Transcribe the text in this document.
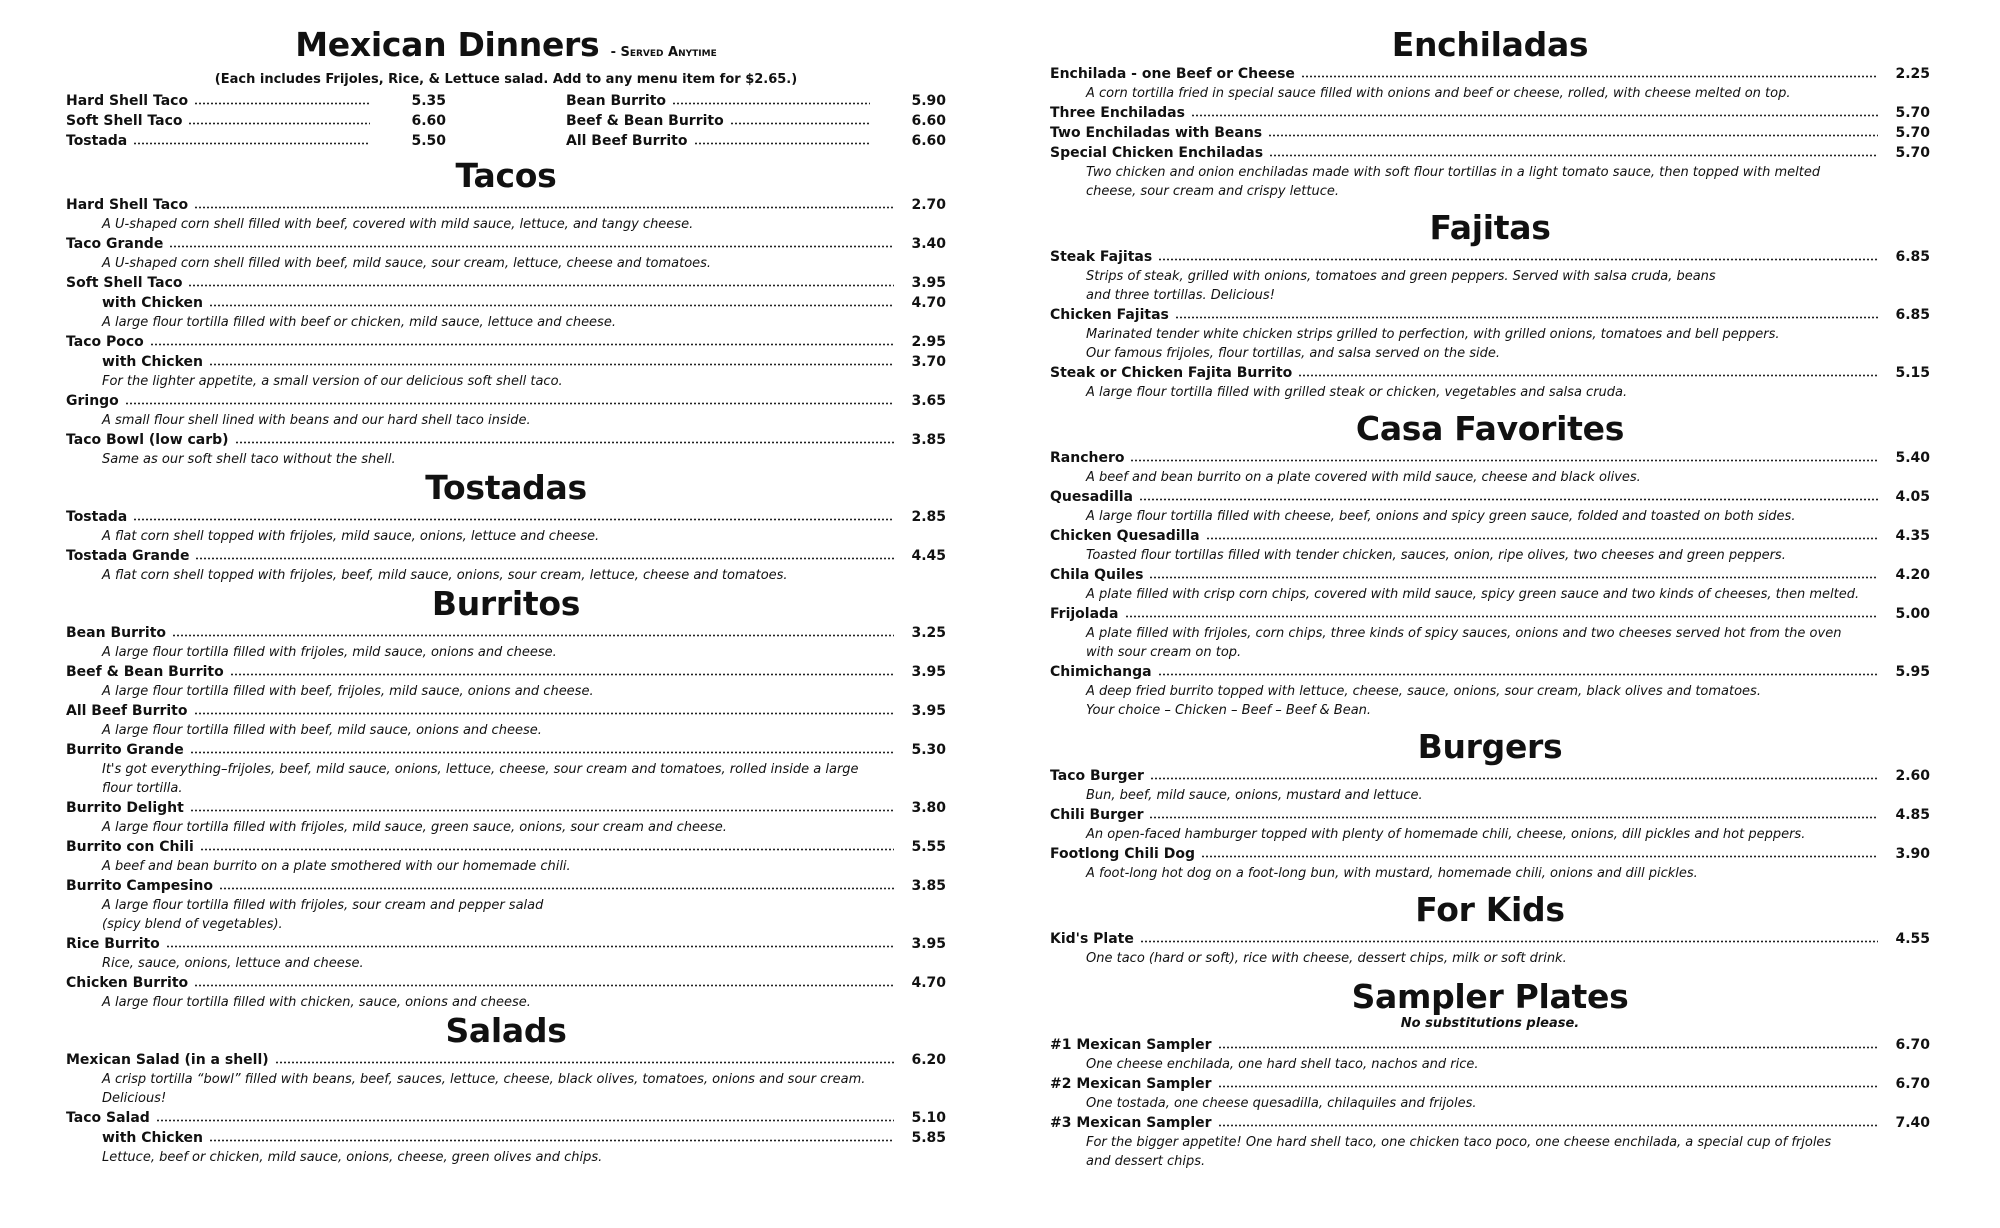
Mexican Dinners - Served Anytime
(Each includes Frijoles, Rice, & Lettuce salad. Add to any menu item for $2.65.)
Hard Shell Taco	5.35
Soft Shell Taco	6.60
Tostada	5.50
Bean Burrito	5.90
Beef & Bean Burrito	6.60
All Beef Burrito	6.60
Tacos
Hard Shell Taco	2.70
A U-shaped corn shell filled with beef, covered with mild sauce, lettuce, and tangy cheese.
Taco Grande	3.40
A U-shaped corn shell filled with beef, mild sauce, sour cream, lettuce, cheese and tomatoes.
Soft Shell Taco	3.95
with Chicken	4.70
A large flour tortilla filled with beef or chicken, mild sauce, lettuce and cheese.
Taco Poco	2.95
with Chicken	3.70
For the lighter appetite, a small version of our delicious soft shell taco.
Gringo	3.65
A small flour shell lined with beans and our hard shell taco inside.
Taco Bowl (low carb)	3.85
Same as our soft shell taco without the shell.
Tostadas
Tostada	2.85
A flat corn shell topped with frijoles, mild sauce, onions, lettuce and cheese.
Tostada Grande	4.45
A flat corn shell topped with frijoles, beef, mild sauce, onions, sour cream, lettuce, cheese and tomatoes.
Burritos
Bean Burrito	3.25
A large flour tortilla filled with frijoles, mild sauce, onions and cheese.
Beef & Bean Burrito	3.95
A large flour tortilla filled with beef, frijoles, mild sauce, onions and cheese.
All Beef Burrito	3.95
A large flour tortilla filled with beef, mild sauce, onions and cheese.
Burrito Grande	5.30
It's got everything–frijoles, beef, mild sauce, onions, lettuce, cheese, sour cream and tomatoes, rolled inside a large flour tortilla.
Burrito Delight	3.80
A large flour tortilla filled with frijoles, mild sauce, green sauce, onions, sour cream and cheese.
Burrito con Chili	5.55
A beef and bean burrito on a plate smothered with our homemade chili.
Burrito Campesino	3.85
A large flour tortilla filled with frijoles, sour cream and pepper salad
(spicy blend of vegetables).
Rice Burrito	3.95
Rice, sauce, onions, lettuce and cheese.
Chicken Burrito	4.70
A large flour tortilla filled with chicken, sauce, onions and cheese.
Salads
Mexican Salad (in a shell)	6.20
A crisp tortilla “bowl” filled with beans, beef, sauces, lettuce, cheese, black olives, tomatoes, onions and sour cream. Delicious!
Taco Salad	5.10
with Chicken	5.85
Lettuce, beef or chicken, mild sauce, onions, cheese, green olives and chips.
Enchiladas
Enchilada - one Beef or Cheese	2.25
A corn tortilla fried in special sauce filled with onions and beef or cheese, rolled, with cheese melted on top.
Three Enchiladas	5.70
Two Enchiladas with Beans	5.70
Special Chicken Enchiladas	5.70
Two chicken and onion enchiladas made with soft flour tortillas in a light tomato sauce, then topped with melted cheese, sour cream and crispy lettuce.
Fajitas
Steak Fajitas	6.85
Strips of steak, grilled with onions, tomatoes and green peppers. Served with salsa cruda, beans
and three tortillas. Delicious!
Chicken Fajitas	6.85
Marinated tender white chicken strips grilled to perfection, with grilled onions, tomatoes and bell peppers.
Our famous frijoles, flour tortillas, and salsa served on the side.
Steak or Chicken Fajita Burrito	5.15
A large flour tortilla filled with grilled steak or chicken, vegetables and salsa cruda.
Casa Favorites
Ranchero	5.40
A beef and bean burrito on a plate covered with mild sauce, cheese and black olives.
Quesadilla	4.05
A large flour tortilla filled with cheese, beef, onions and spicy green sauce, folded and toasted on both sides.
Chicken Quesadilla	4.35
Toasted flour tortillas filled with tender chicken, sauces, onion, ripe olives, two cheeses and green peppers.
Chila Quiles	4.20
A plate filled with crisp corn chips, covered with mild sauce, spicy green sauce and two kinds of cheeses, then melted.
Frijolada	5.00
A plate filled with frijoles, corn chips, three kinds of spicy sauces, onions and two cheeses served hot from the oven with sour cream on top.
Chimichanga	5.95
A deep fried burrito topped with lettuce, cheese, sauce, onions, sour cream, black olives and tomatoes.
Your choice – Chicken – Beef – Beef & Bean.
Burgers
Taco Burger	2.60
Bun, beef, mild sauce, onions, mustard and lettuce.
Chili Burger	4.85
An open-faced hamburger topped with plenty of homemade chili, cheese, onions, dill pickles and hot peppers.
Footlong Chili Dog	3.90
A foot-long hot dog on a foot-long bun, with mustard, homemade chili, onions and dill pickles.
For Kids
Kid's Plate	4.55
One taco (hard or soft), rice with cheese, dessert chips, milk or soft drink.
Sampler Plates
No substitutions please.
#1 Mexican Sampler	6.70
One cheese enchilada, one hard shell taco, nachos and rice.
#2 Mexican Sampler	6.70
One tostada, one cheese quesadilla, chilaquiles and frijoles.
#3 Mexican Sampler	7.40
For the bigger appetite! One hard shell taco, one chicken taco poco, one cheese enchilada, a special cup of frjoles
and dessert chips.
